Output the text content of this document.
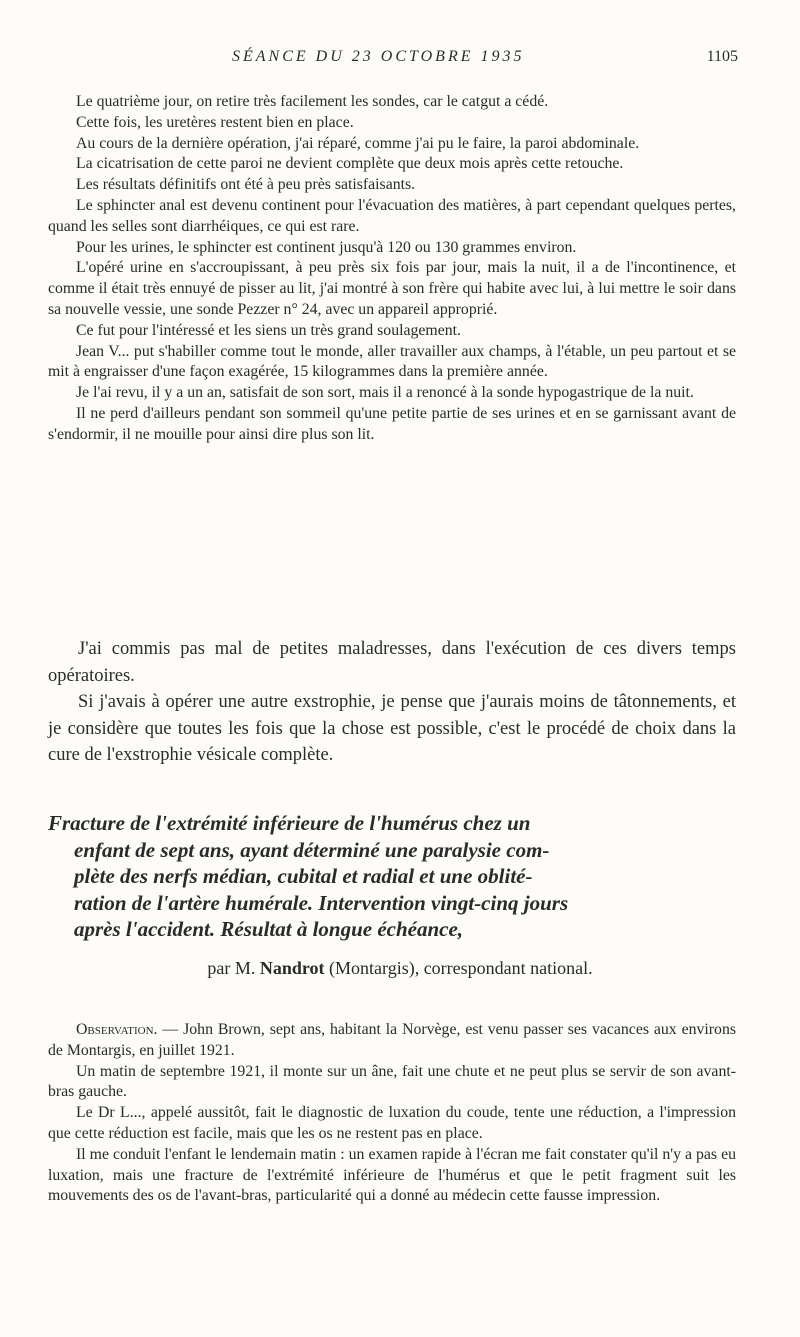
SÉANCE DU 23 OCTOBRE 1935	1105

Le quatrième jour, on retire très facilement les sondes, car le catgut a cédé.

Cette fois, les uretères restent bien en place.

Au cours de la dernière opération, j'ai réparé, comme j'ai pu le faire, la paroi abdominale.

La cicatrisation de cette paroi ne devient complète que deux mois après cette retouche.

Les résultats définitifs ont été à peu près satisfaisants.

Le sphincter anal est devenu continent pour l'évacuation des matières, à part cependant quelques pertes, quand les selles sont diarrhéiques, ce qui est rare.

Pour les urines, le sphincter est continent jusqu'à 120 ou 130 grammes environ.

L'opéré urine en s'accroupissant, à peu près six fois par jour, mais la nuit, il a de l'incontinence, et comme il était très ennuyé de pisser au lit, j'ai montré à son frère qui habite avec lui, à lui mettre le soir dans sa nouvelle vessie, une sonde Pezzer n° 24, avec un appareil approprié.

Ce fut pour l'intéressé et les siens un très grand soulagement.

Jean V... put s'habiller comme tout le monde, aller travailler aux champs, à l'étable, un peu partout et se mit à engraisser d'une façon exagérée, 15 kilogrammes dans la première année.

Je l'ai revu, il y a un an, satisfait de son sort, mais il a renoncé à la sonde hypogastrique de la nuit.

Il ne perd d'ailleurs pendant son sommeil qu'une petite partie de ses urines et en se garnissant avant de s'endormir, il ne mouille pour ainsi dire plus son lit.

J'ai commis pas mal de petites maladresses, dans l'exécution de ces divers temps opératoires.

Si j'avais à opérer une autre exstrophie, je pense que j'aurais moins de tâtonnements, et je considère que toutes les fois que la chose est possible, c'est le procédé de choix dans la cure de l'exstrophie vésicale complète.

Fracture de l'extrémité inférieure de l'humérus chez un
enfant de sept ans, ayant déterminé une paralysie com-
plète des nerfs médian, cubital et radial et une oblité-
ration de l'artère humérale. Intervention vingt-cinq jours
après l'accident. Résultat à longue échéance,
par M. Nandrot (Montargis), correspondant national.

Observation. — John Brown, sept ans, habitant la Norvège, est venu passer ses vacances aux environs de Montargis, en juillet 1921.

Un matin de septembre 1921, il monte sur un âne, fait une chute et ne peut plus se servir de son avant-bras gauche.

Le Dr L..., appelé aussitôt, fait le diagnostic de luxation du coude, tente une réduction, a l'impression que cette réduction est facile, mais que les os ne restent pas en place.

Il me conduit l'enfant le lendemain matin : un examen rapide à l'écran me fait constater qu'il n'y a pas eu luxation, mais une fracture de l'extrémité inférieure de l'humérus et que le petit fragment suit les mouvements des os de l'avant-bras, particularité qui a donné au médecin cette fausse impression.
